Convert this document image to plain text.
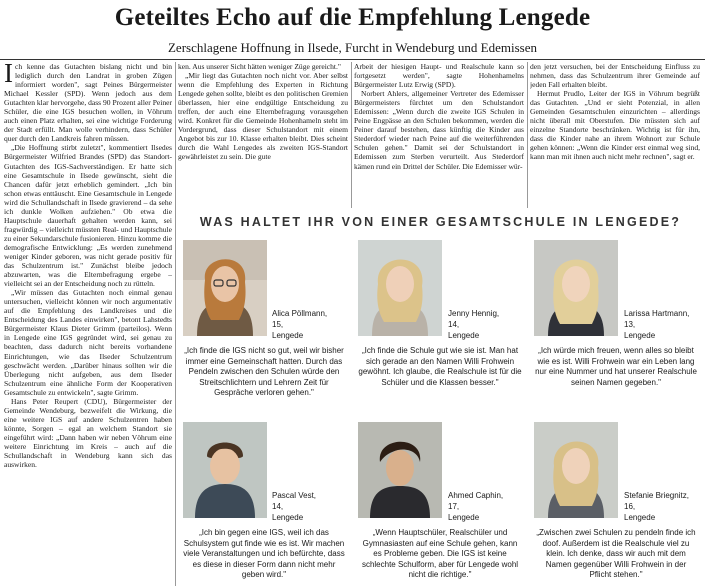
Geteiltes Echo auf die Empfehlung Lengede
Zerschlagene Hoffnung in Ilsede, Furcht in Wendeburg und Edemissen

Ich kenne das Gutachten bislang nicht und bin lediglich durch den Landrat in groben Zügen informiert worden", sagt Peines Bürgermeister Michael Kessler (SPD). Wenn jedoch aus dem Gutachten klar hervorgehe, dass 90 Prozent aller Peiner Schüler, die eine IGS besuchen wollen, in Vöhrum auch einen Platz erhalten, sei eine wichtige Forderung der Stadt erfüllt. Man wolle verhindern, dass Schüler quer durch den Landkreis fahren müssen.

„Die Hoffnung stirbt zuletzt", kommentiert Ilsedes Bürgermeister Wilfried Brandes (SPD) das Standort-Gutachten des IGS-Sachverständigen. Er hatte sich eine Gesamtschule in Ilsede gewünscht, sieht die Chancen dafür jetzt erheblich gemindert. „Ich bin schon etwas enttäuscht. Eine Gesamtschule in Lengede wird die Schullandschaft in Ilsede gravierend – da sehe ich dunkle Wolken aufziehen." Ob etwa die Hauptschule dauerhaft gehalten werden kann, sei fragwürdig – vielleicht müssten Real- und Hauptschule zu einer Sekundarschule fusionieren. Hinzu komme die demografische Entwicklung: „Es werden zunehmend weniger Kinder geboren, was nicht gerade positiv für das Schulzentrum ist." Zunächst bleibe jedoch abzuwarten, was die Elternbefragung ergebe – vielleicht sei an der Entscheidung noch zu rütteln.

„Wir müssen das Gutachten noch einmal genau untersuchen, vielleicht können wir noch argumentativ auf die Empfehlung des Landkreises und die Entscheidung des Landes einwirken", betont Lahstedts Bürgermeister Klaus Dieter Grimm (parteilos). Wenn in Lengede eine IGS gegründet wird, sei genau zu beachten, dass dadurch nicht bereits vorhandene Einrichtungen, wie das Ilseder Schulzentrum geschwächt werden. „Darüber hinaus sollten wir die Überlegung nicht aufgeben, aus dem Ilseder Schulzentrum eine ähnliche Form der Kooperativen Gesamtschule zu entwickeln", sagte Grimm.

Hans Peter Reupert (CDU), Bürgermeister der Gemeinde Wendeburg, bezweifelt die Wirkung, die eine weitere IGS auf andere Schulzentren haben könnte, Sorgen – egal an welchem Standort sie eingeführt wird: „Dann haben wir neben Vöhrum eine weitere Einrichtung im Kreis – auch auf die Schullandschaft in Wendeburg kann sich das auswirken.

ken. Aus unserer Sicht hätten weniger Züge gereicht."

„Mir liegt das Gutachten noch nicht vor. Aber selbst wenn die Empfehlung des Experten in Richtung Lengede gehen sollte, bleibt es den politischen Gremien überlassen, hier eine endgültige Entscheidung zu treffen, der auch eine Elternbefragung vorausgehen wird. Konkret für die Gemeinde Hohenhameln steht im Vordergrund, dass dieser Schulstandort mit einem Angebot bis zur 10. Klasse erhalten bleibt. Dies scheint durch die Wahl Lengedes als zweiten IGS-Standort gewährleistet zu sein. Die gute

Arbeit der hiesigen Haupt- und Realschule kann so fortgesetzt werden", sagte Hohenhamelns Bürgermeister Lutz Erwig (SPD).

Norbert Ahlers, allgemeiner Vertreter des Edemisser Bürgermeisters fürchtet um den Schulstandort Edemissen: „Wenn durch die zweite IGS Schulen in Peine Engpässe an den Schulen bekommen, werden die Peiner darauf bestehen, dass künftig die Kinder aus Stederdorf wieder nach Peine auf die weiterführenden Schulen gehen." Damit sei der Schulstandort in Edemissen zum Sterben verurteilt. Aus Stederdorf kämen rund ein Drittel der Schüler. Die Edemisser wür-

den jetzt versuchen, bei der Entscheidung Einfluss zu nehmen, dass das Schulzentrum ihrer Gemeinde auf jeden Fall erhalten bleibt.

Hermut Prudlo, Leiter der IGS in Vöhrum begrüßt das Gutachten. „Und er sieht Potenzial, in allen Gemeinden Gesamtschulen einzurichten – allerdings nicht überall mit Oberstufen. Die müssten sich auf einzelne Standorte beschränken. Wichtig ist für ihn, dass die Kinder nahe an ihrem Wohnort zur Schule gehen können: „Wenn die Kinder erst einmal weg sind, kann man mit ihnen auch nicht mehr rechnen", sagt er.

WAS HALTET IHR VON EINER GESAMTSCHULE IN LENGEDE?
Alica Pöllmann,
15,
Lengede
„Ich finde die IGS nicht so gut, weil wir bisher immer eine Gemeinschaft hatten. Durch das Pendeln zwischen den Schulen würde den Streitschlichtern und Lehrern Zeit für Gespräche verloren gehen."
Jenny Hennig,
14,
Lengede
„Ich finde die Schule gut wie sie ist. Man hat sich gerade an den Namen Willi Frohwein gewöhnt. Ich glaube, die Realschule ist für die Schüler und die Klassen besser."
Larissa Hartmann,
13,
Lengede
„Ich würde mich freuen, wenn alles so bleibt wie es ist. Willi Frohwein war ein Leben lang nur eine Nummer und hat unserer Realschule seinen Namen gegeben."
Pascal Vest,
14,
Lengede
„Ich bin gegen eine IGS, weil ich das Schulsystem gut finde wie es ist. Wir machen viele Veranstaltungen und ich befürchte, dass es diese in dieser Form dann nicht mehr geben wird."
Ahmed Caphin,
17,
Lengede
„Wenn Hauptschüler, Realschüler und Gymnasiasten auf eine Schule gehen, kann es Probleme geben. Die IGS ist keine schlechte Schulform, aber für Lengede wohl nicht die richtige."
Stefanie Briegnitz,
16,
Lengede
„Zwischen zwei Schulen zu pendeln finde ich doof. Außerdem ist die Realschule viel zu klein. Ich denke, dass wir auch mit dem Namen gegenüber Willi Frohwein in der Pflicht stehen."
